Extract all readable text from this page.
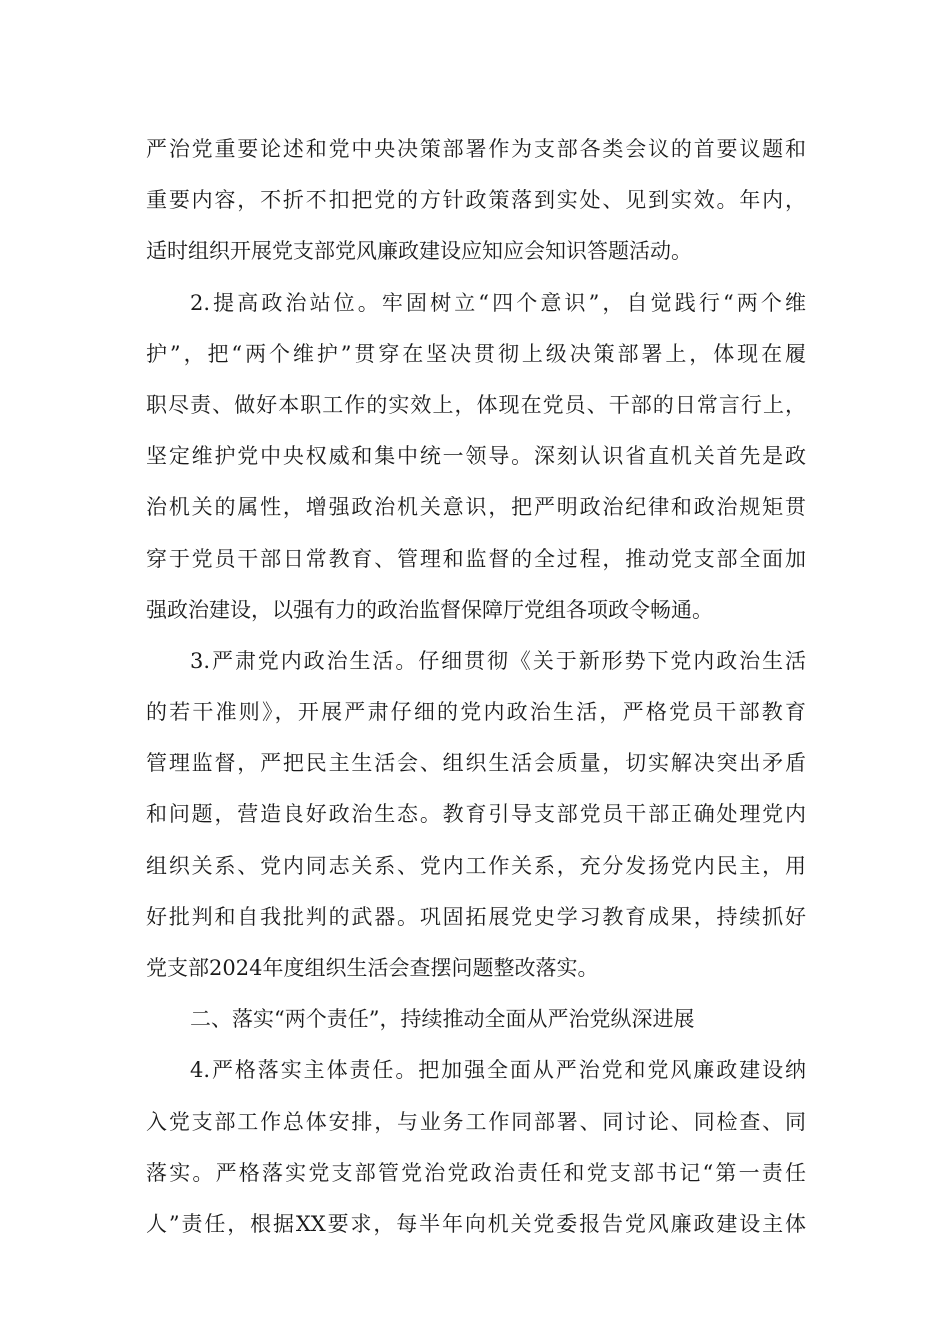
严治党重要论述和党中央决策部署作为支部各类会议的首要议题和
重要内容，不折不扣把党的方针政策落到实处、见到实效。年内，
适时组织开展党支部党风廉政建设应知应会知识答题活动。
2.提高政治站位。牢固树立“四个意识”，自觉践行“两个维
护”，把“两个维护”贯穿在坚决贯彻上级决策部署上，体现在履
职尽责、做好本职工作的实效上，体现在党员、干部的日常言行上，
坚定维护党中央权威和集中统一领导。深刻认识省直机关首先是政
治机关的属性，增强政治机关意识，把严明政治纪律和政治规矩贯
穿于党员干部日常教育、管理和监督的全过程，推动党支部全面加
强政治建设，以强有力的政治监督保障厅党组各项政令畅通。
3.严肃党内政治生活。仔细贯彻《关于新形势下党内政治生活
的若干准则》，开展严肃仔细的党内政治生活，严格党员干部教育
管理监督，严把民主生活会、组织生活会质量，切实解决突出矛盾
和问题，营造良好政治生态。教育引导支部党员干部正确处理党内
组织关系、党内同志关系、党内工作关系，充分发扬党内民主，用
好批判和自我批判的武器。巩固拓展党史学习教育成果，持续抓好
党支部2024年度组织生活会查摆问题整改落实。
二、落实“两个责任”，持续推动全面从严治党纵深进展
4.严格落实主体责任。把加强全面从严治党和党风廉政建设纳
入党支部工作总体安排，与业务工作同部署、同讨论、同检查、同
落实。严格落实党支部管党治党政治责任和党支部书记“第一责任
人”责任，根据XX要求，每半年向机关党委报告党风廉政建设主体
